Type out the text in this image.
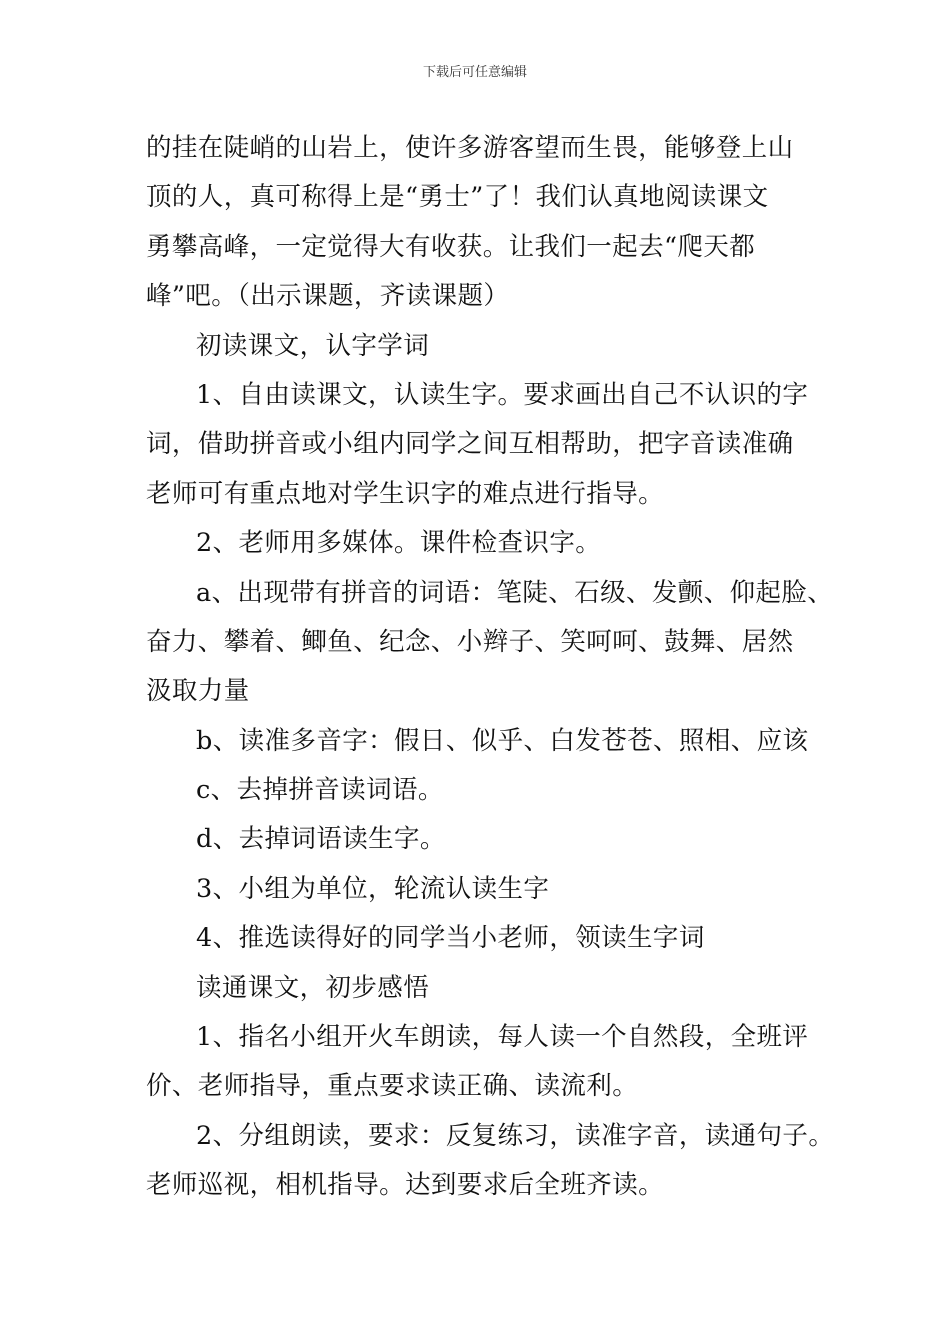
下载后可任意编辑
的挂在陡峭的山岩上，使许多游客望而生畏，能够登上山
顶的人，真可称得上是“勇士”了！我们认真地阅读课文
勇攀高峰，一定觉得大有收获。让我们一起去“爬天都
峰”吧。（出示课题，齐读课题）
初读课文，认字学词
1、自由读课文，认读生字。要求画出自己不认识的字
词，借助拼音或小组内同学之间互相帮助，把字音读准确
老师可有重点地对学生识字的难点进行指导。
2、老师用多媒体。课件检查识字。
a、出现带有拼音的词语：笔陡、石级、发颤、仰起脸、
奋力、攀着、鲫鱼、纪念、小辫子、笑呵呵、鼓舞、居然
汲取力量
b、读准多音字：假日、似乎、白发苍苍、照相、应该
c、去掉拼音读词语。
d、去掉词语读生字。
3、小组为单位，轮流认读生字
4、推选读得好的同学当小老师，领读生字词
读通课文，初步感悟
1、指名小组开火车朗读，每人读一个自然段，全班评
价、老师指导，重点要求读正确、读流利。
2、分组朗读，要求：反复练习，读准字音，读通句子。
老师巡视，相机指导。达到要求后全班齐读。
